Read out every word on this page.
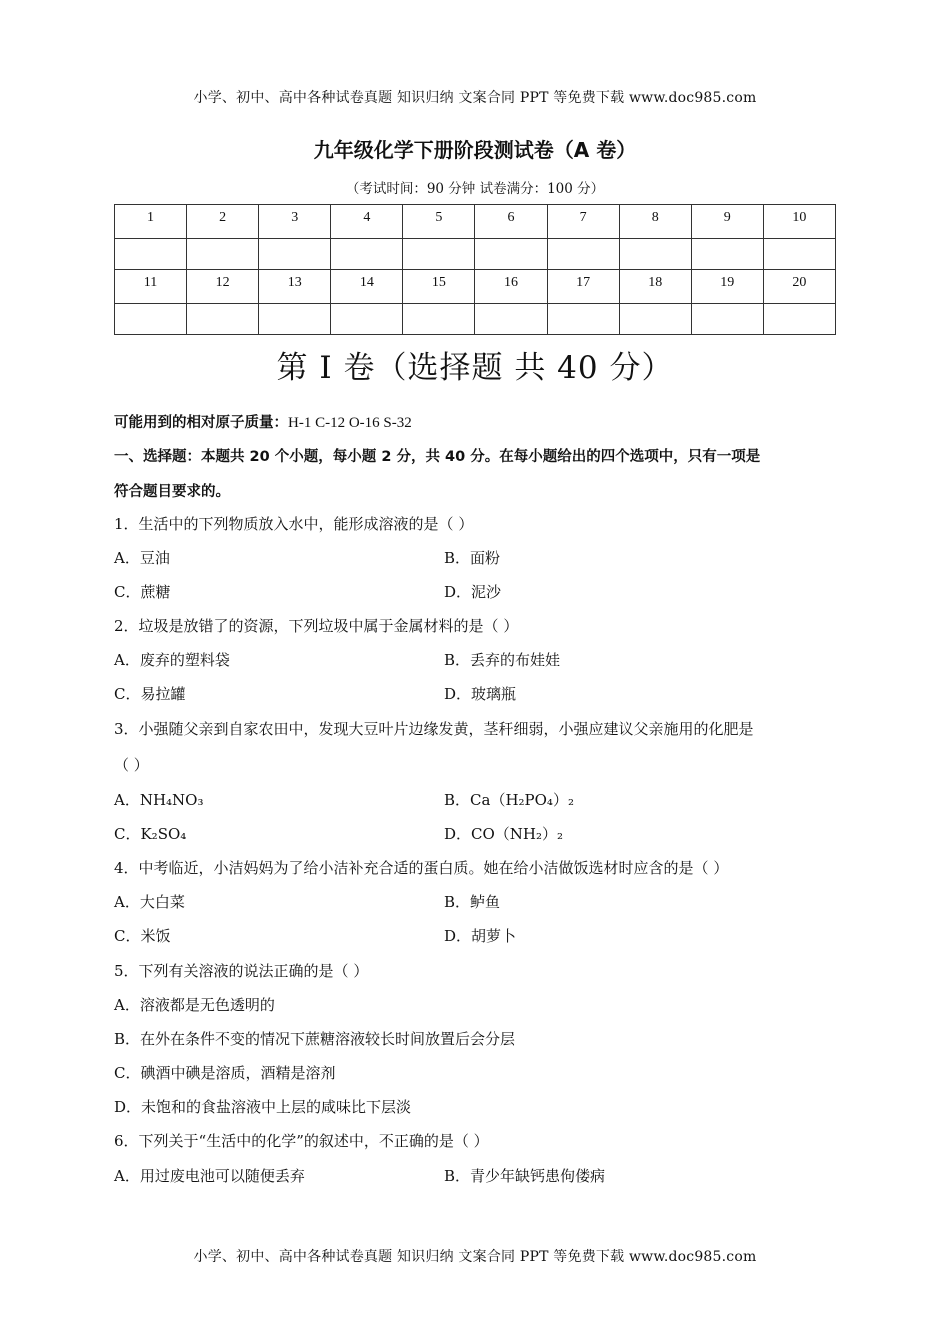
小学、初中、高中各种试卷真题 知识归纳 文案合同 PPT 等免费下载 www.doc985.com
九年级化学下册阶段测试卷（A 卷）
（考试时间：90 分钟 试卷满分：100 分）
1	2	3	4	5	6	7	8	9	10

11	12	13	14	15	16	17	18	19	20

第 I 卷（选择题 共 40 分）
可能用到的相对原子质量：H-1 C-12 O-16 S-32
一、选择题：本题共 20 个小题，每小题 2 分，共 40 分。在每小题给出的四个选项中，只有一项是
符合题目要求的。
1．生活中的下列物质放入水中，能形成溶液的是（ ）
A．豆油	B．面粉
C．蔗糖	D．泥沙
2．垃圾是放错了的资源，下列垃圾中属于金属材料的是（ ）
A．废弃的塑料袋	B．丢弃的布娃娃
C．易拉罐	D．玻璃瓶
3．小强随父亲到自家农田中，发现大豆叶片边缘发黄，茎秆细弱，小强应建议父亲施用的化肥是
（ ）
A．NH₄NO₃	B．Ca（H₂PO₄）₂
C．K₂SO₄	D．CO（NH₂）₂
4．中考临近，小洁妈妈为了给小洁补充合适的蛋白质。她在给小洁做饭选材时应含的是（ ）
A．大白菜	B．鲈鱼
C．米饭	D．胡萝卜
5．下列有关溶液的说法正确的是（ ）
A．溶液都是无色透明的
B．在外在条件不变的情况下蔗糖溶液较长时间放置后会分层
C．碘酒中碘是溶质，酒精是溶剂
D．未饱和的食盐溶液中上层的咸味比下层淡
6．下列关于“生活中的化学”的叙述中，不正确的是（ ）
A．用过废电池可以随便丢弃	B．青少年缺钙患佝偻病
小学、初中、高中各种试卷真题 知识归纳 文案合同 PPT 等免费下载 www.doc985.com
